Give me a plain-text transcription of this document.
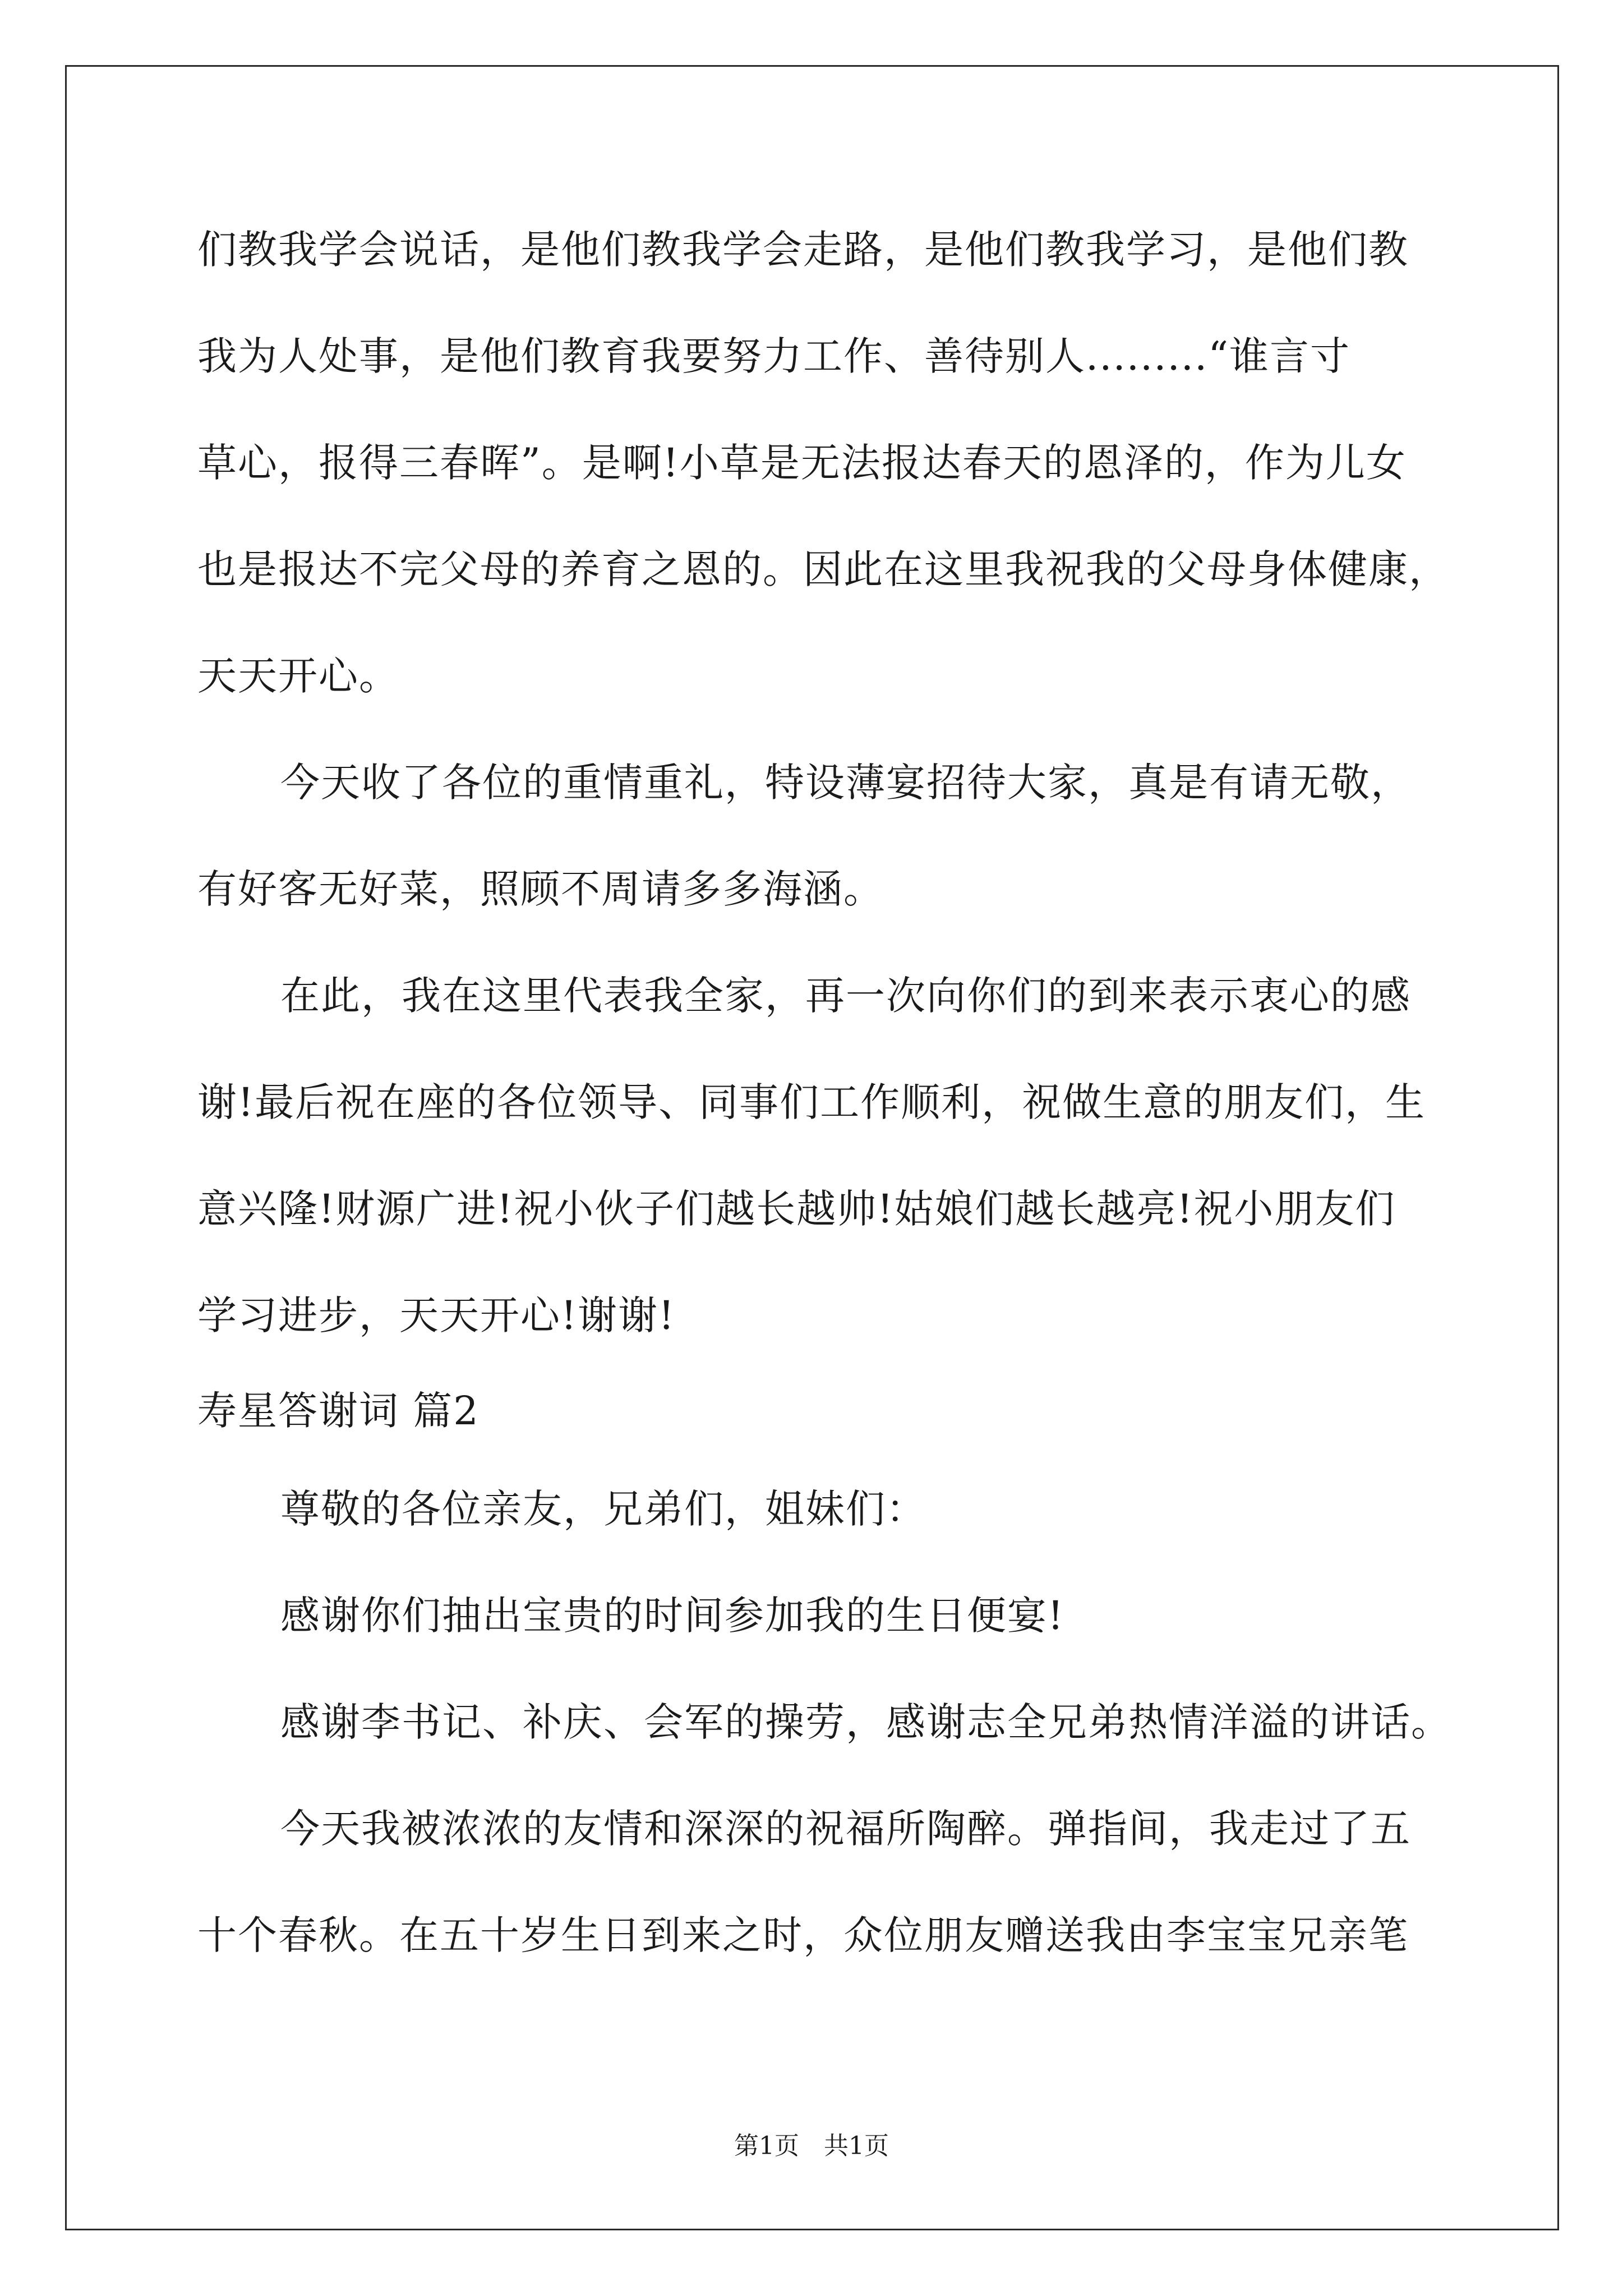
们教我学会说话，是他们教我学会走路，是他们教我学习，是他们教
我为人处事，是他们教育我要努力工作、善待别人.........“谁言寸
草心，报得三春晖”。是啊!小草是无法报达春天的恩泽的，作为儿女
也是报达不完父母的养育之恩的。因此在这里我祝我的父母身体健康，
天天开心。
今天收了各位的重情重礼，特设薄宴招待大家，真是有请无敬，
有好客无好菜，照顾不周请多多海涵。
在此，我在这里代表我全家，再一次向你们的到来表示衷心的感
谢!最后祝在座的各位领导、同事们工作顺利，祝做生意的朋友们，生
意兴隆!财源广进!祝小伙子们越长越帅!姑娘们越长越亮!祝小朋友们
学习进步，天天开心!谢谢!
寿星答谢词 篇2
尊敬的各位亲友，兄弟们，姐妹们：
感谢你们抽出宝贵的时间参加我的生日便宴!
感谢李书记、补庆、会军的操劳，感谢志全兄弟热情洋溢的讲话。
今天我被浓浓的友情和深深的祝福所陶醉。弹指间，我走过了五
十个春秋。在五十岁生日到来之时，众位朋友赠送我由李宝宝兄亲笔
第1页　共1页
